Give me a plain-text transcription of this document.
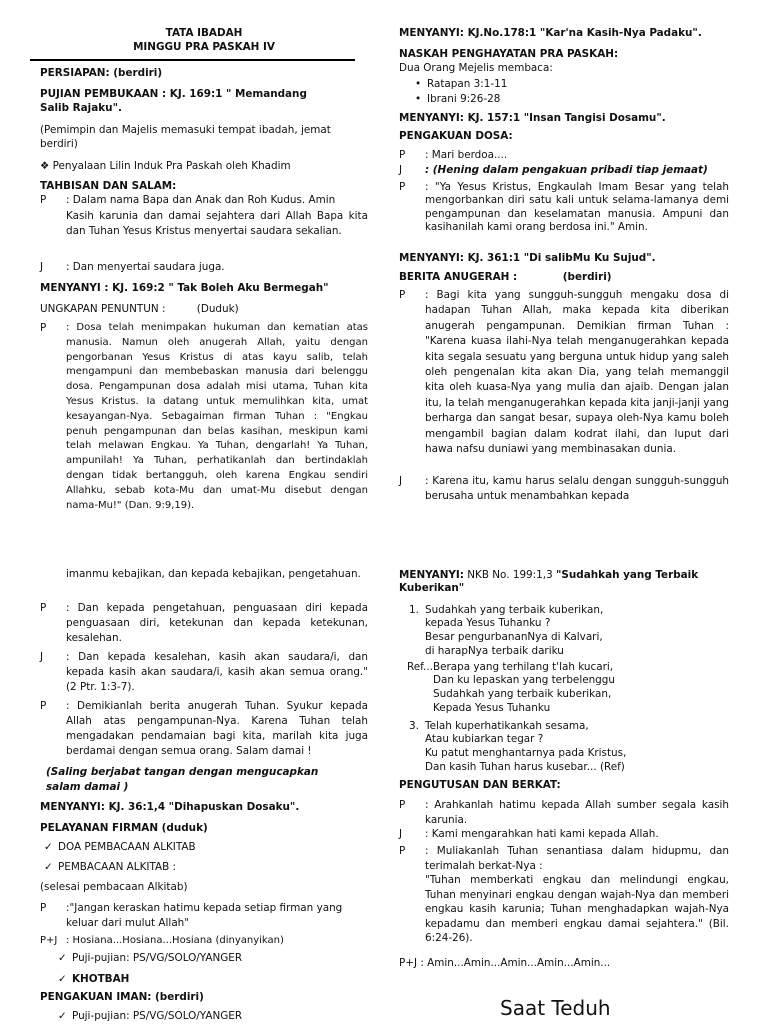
TATA IBADAH
MINGGU PRA PASKAH IV
PERSIAPAN: (berdiri)
PUJIAN PEMBUKAAN : KJ. 169:1 " Memandang
Salib Rajaku".
(Pemimpin dan Majelis memasuki tempat ibadah, jemat
berdiri)
❖ Penyalaan Lilin Induk Pra Paskah oleh Khadim
TAHBISAN DAN SALAM:
P	: Dalam nama Bapa dan Anak dan Roh Kudus. Amin
Kasih karunia dan damai sejahtera dari Allah Bapa kita dan Tuhan Yesus Kristus menyertai saudara sekalian.
J	: Dan menyertai saudara juga.
MENYANYI : KJ. 169:2 " Tak Boleh Aku Bermegah"
UNGKAPAN PENUNTUN :	(Duduk)
P	: Dosa telah menimpakan hukuman dan kematian atas manusia. Namun oleh anugerah Allah, yaitu dengan pengorbanan Yesus Kristus di atas kayu salib, telah mengampuni dan membebaskan manusia dari belenggu dosa. Pengampunan dosa adalah misi utama, Tuhan kita Yesus Kristus. Ia datang untuk memulihkan kita, umat kesayangan-Nya. Sebagaiman firman Tuhan : "Engkau penuh pengampunan dan belas kasihan, meskipun kami telah melawan Engkau. Ya Tuhan, dengarlah! Ya Tuhan, ampunilah! Ya Tuhan, perhatikanlah dan bertindaklah dengan tidak bertangguh, oleh karena Engkau sendiri Allahku, sebab kota-Mu dan umat-Mu disebut dengan nama-Mu!" (Dan. 9:9,19).
MENYANYI: KJ.No.178:1 "Kar'na Kasih-Nya Padaku".
NASKAH PENGHAYATAN PRA PASKAH:
Dua Orang Mejelis membaca:
• Ratapan 3:1-11
• Ibrani 9:26-28
MENYANYI: KJ. 157:1 "Insan Tangisi Dosamu".
PENGAKUAN DOSA:
P	: Mari berdoa....
J	: (Hening dalam pengakuan pribadi tiap jemaat)
P	: "Ya Yesus Kristus, Engkaulah Imam Besar yang telah mengorbankan diri satu kali untuk selama-lamanya demi pengampunan dan keselamatan manusia. Ampuni dan kasihanilah kami orang berdosa ini." Amin.
MENYANYI: KJ. 361:1 "Di salibMu Ku Sujud".
BERITA ANUGERAH :	(berdiri)
P	: Bagi kita yang sungguh-sungguh mengaku dosa di hadapan Tuhan Allah, maka kepada kita diberikan anugerah pengampunan. Demikian firman Tuhan : "Karena kuasa ilahi-Nya telah menganugerahkan kepada kita segala sesuatu yang berguna untuk hidup yang saleh oleh pengenalan kita akan Dia, yang telah memanggil kita oleh kuasa-Nya yang mulia dan ajaib. Dengan jalan itu, Ia telah menganugerahkan kepada kita janji-janji yang berharga dan sangat besar, supaya oleh-Nya kamu boleh mengambil bagian dalam kodrat ilahi, dan luput dari hawa nafsu duniawi yang membinasakan dunia.
J	: Karena itu, kamu harus selalu dengan sungguh-sungguh berusaha untuk menambahkan kepada
imanmu kebajikan, dan kepada kebajikan, pengetahuan.
P	: Dan kepada pengetahuan, penguasaan diri kepada penguasaan diri, ketekunan dan kepada ketekunan, kesalehan.
J	: Dan kepada kesalehan, kasih akan saudara/i, dan kepada kasih akan saudara/i, kasih akan semua orang." (2 Ptr. 1:3-7).
P	: Demikianlah berita anugerah Tuhan. Syukur kepada Allah atas pengampunan-Nya. Karena Tuhan telah mengadakan pendamaian bagi kita, marilah kita juga berdamai dengan semua orang. Salam damai !
(Saling berjabat tangan dengan mengucapkan
salam damai )
MENYANYI: KJ. 36:1,4 "Dihapuskan Dosaku".
PELAYANAN FIRMAN (duduk)
✓ DOA PEMBACAAN ALKITAB
✓ PEMBACAAN ALKITAB :
(selesai pembacaan Alkitab)
P	:"Jangan keraskan hatimu kepada setiap firman yang keluar dari mulut Allah"
P+J : Hosiana...Hosiana...Hosiana (dinyanyikan)
✓ Puji-pujian: PS/VG/SOLO/YANGER
✓ KHOTBAH
PENGAKUAN IMAN: (berdiri)
✓ Puji-pujian: PS/VG/SOLO/YANGER
MENYANYI: NKB No. 199:1,3 "Sudahkah yang Terbaik
Kuberikan"
1. Sudahkah yang terbaik kuberikan,
kepada Yesus Tuhanku ?
Besar pengurbananNya di Kalvari,
di harapNya terbaik dariku
Ref...Berapa yang terhilang t'lah kucari,
Dan ku lepaskan yang terbelenggu
Sudahkah yang terbaik kuberikan,
Kepada Yesus Tuhanku
3. Telah kuperhatikankah sesama,
Atau kubiarkan tegar ?
Ku patut menghantarnya pada Kristus,
Dan kasih Tuhan harus kusebar... (Ref)
PENGUTUSAN DAN BERKAT:
P	: Arahkanlah hatimu kepada Allah sumber segala kasih karunia.
J	: Kami mengarahkan hati kami kepada Allah.
P	: Muliakanlah Tuhan senantiasa dalam hidupmu, dan terimalah berkat-Nya :
"Tuhan memberkati engkau dan melindungi engkau, Tuhan menyinari engkau dengan wajah-Nya dan memberi engkau kasih karunia; Tuhan menghadapkan wajah-Nya kepadamu dan memberi engkau damai sejahtera." (Bil. 6:24-26).
P+J : Amin...Amin...Amin...Amin...Amin...
Saat Teduh
